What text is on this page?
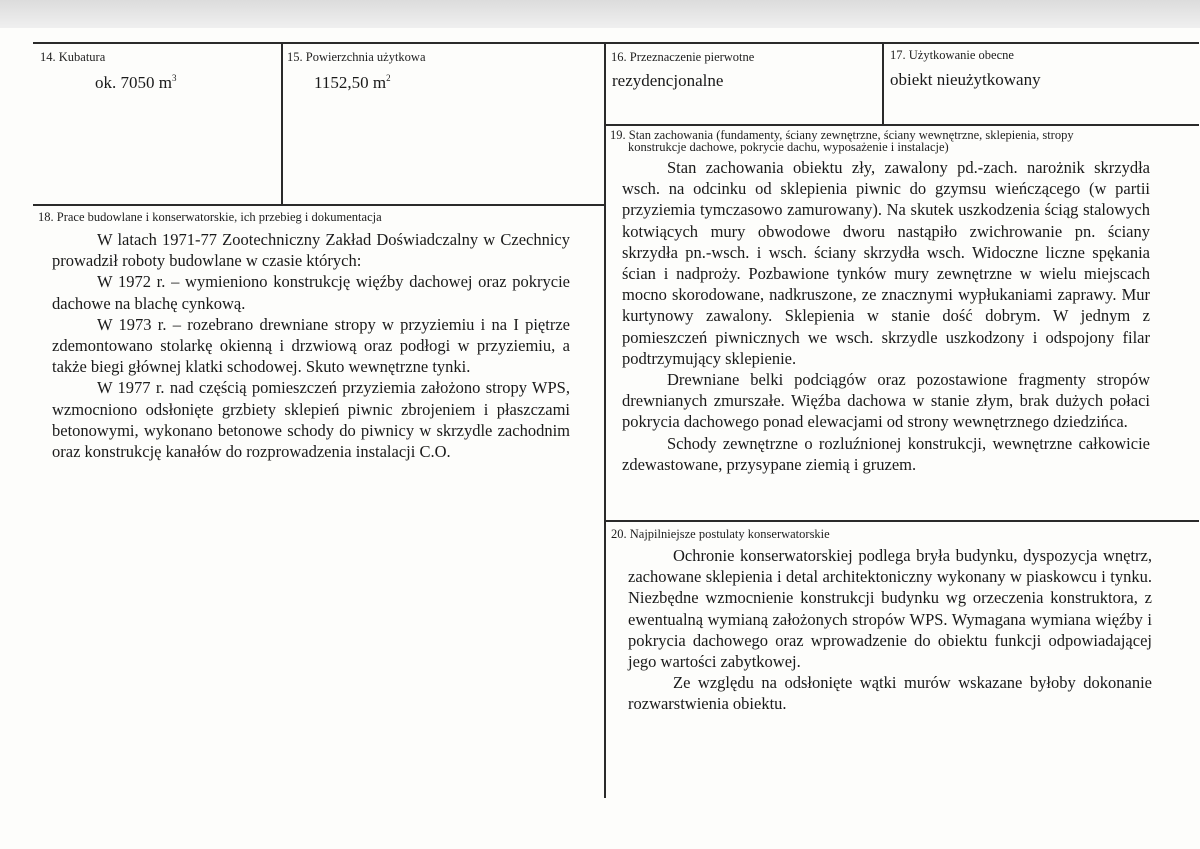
14. Kubatura
ok. 7050 $m^3$
15. Powierzchnia użytkowa
1152,50 $m^2$
16. Przeznaczenie pierwotne
rezydencjonalne
17. Użytkowanie obecne
obiekt nieużytkowany
18. Prace budowlane i konserwatorskie, ich przebieg i dokumentacja

W latach 1971-77 Zootechniczny Zakład Doświadczalny w Czechnicy prowadził roboty budowlane w czasie których:

W 1972 r. – wymieniono konstrukcję więźby dachowej oraz pokrycie dachowe na blachę cynkową.

W 1973 r. – rozebrano drewniane stropy w przyziemiu i na I piętrze zdemontowano stolarkę okienną i drzwiową oraz podłogi w przyziemiu, a także biegi głównej klatki schodowej. Skuto wewnętrzne tynki.

W 1977 r. nad częścią pomieszczeń przyziemia założono stropy WPS, wzmocniono odsłonięte grzbiety sklepień piwnic zbrojeniem i płaszczami betonowymi, wykonano betonowe schody do piwnicy w skrzydle zachodnim oraz konstrukcję kanałów do rozprowadzenia instalacji C.O.

19. Stan zachowania (fundamenty, ściany zewnętrzne, ściany wewnętrzne, sklepienia, stropy
konstrukcje dachowe, pokrycie dachu, wyposażenie i instalacje)

Stan zachowania obiektu zły, zawalony pd.-zach. narożnik skrzydła wsch. na odcinku od sklepienia piwnic do gzymsu wieńczącego (w partii przyziemia tymczasowo zamurowany). Na skutek uszkodzenia ściąg stalowych kotwiących mury obwodowe dworu nastąpiło zwichrowanie pn. ściany skrzydła pn.-wsch. i wsch. ściany skrzydła wsch. Widoczne liczne spękania ścian i nadproży. Pozbawione tynków mury zewnętrzne w wielu miejscach mocno skorodowane, nadkruszone, ze znacznymi wypłukaniami zaprawy. Mur kurtynowy zawalony. Sklepienia w stanie dość dobrym. W jednym z pomieszczeń piwnicznych we wsch. skrzydle uszkodzony i odspojony filar podtrzymujący sklepienie.

Drewniane belki podciągów oraz pozostawione fragmenty stropów drewnianych zmurszałe. Więźba dachowa w stanie złym, brak dużych połaci pokrycia dachowego ponad elewacjami od strony wewnętrznego dziedzińca.

Schody zewnętrzne o rozluźnionej konstrukcji, wewnętrzne całkowicie zdewastowane, przysypane ziemią i gruzem.

20. Najpilniejsze postulaty konserwatorskie

Ochronie konserwatorskiej podlega bryła budynku, dyspozycja wnętrz, zachowane sklepienia i detal architektoniczny wykonany w piaskowcu i tynku. Niezbędne wzmocnienie konstrukcji budynku wg orzeczenia konstruktora, z ewentualną wymianą założonych stropów WPS. Wymagana wymiana więźby i pokrycia dachowego oraz wprowadzenie do obiektu funkcji odpowiadającej jego wartości zabytkowej.

Ze względu na odsłonięte wątki murów wskazane byłoby dokonanie rozwarstwienia obiektu.
